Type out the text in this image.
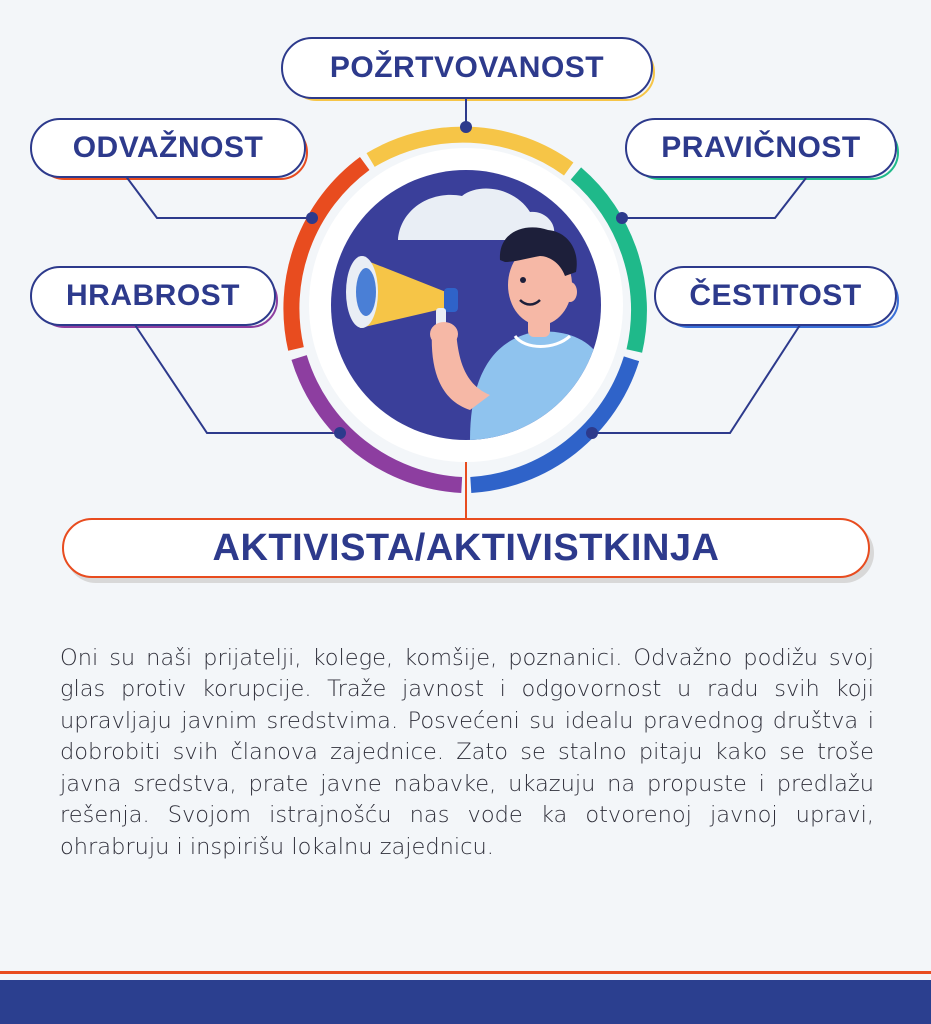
POŽRTVOVANOST
ODVAŽNOST	PRAVIČNOST
HRABROST	ČESTITOST
AKTIVISTA/AKTIVISTKINJA

Oni su naši prijatelji, kolege, komšije, poznanici. Odvažno podižu svoj glas protiv korupcije. Traže javnost i odgovornost u radu svih koji upravljaju javnim sredstvima. Posvećeni su idealu pravednog društva i dobrobiti svih članova zajednice. Zato se stalno pitaju kako se troše javna sredstva, prate javne nabavke, ukazuju na propuste i predlažu rešenja. Svojom istrajnošću nas vode ka otvorenoj javnoj upravi, ohrabruju i inspirišu lokalnu zajednicu.
